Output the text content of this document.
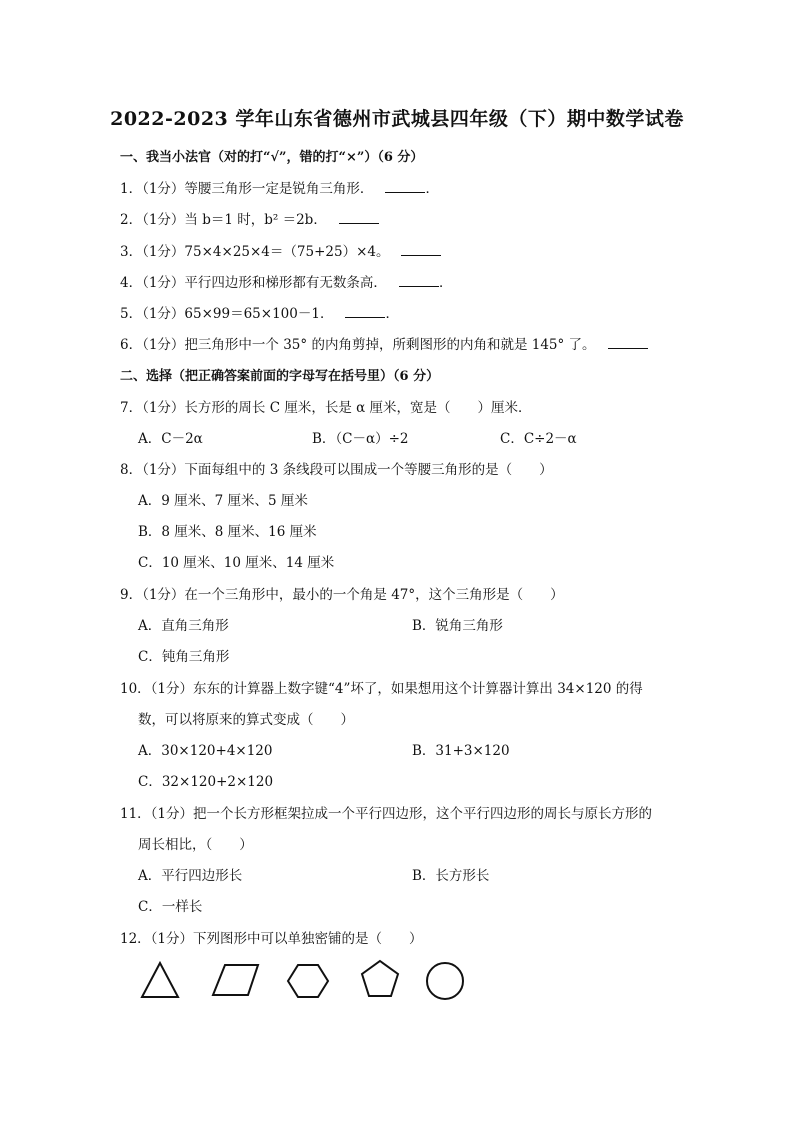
2022-2023 学年山东省德州市武城县四年级（下）期中数学试卷
一、我当小法官（对的打“√”，错的打“×”）（6 分）
1．（1分）等腰三角形一定是锐角三角形．	．
2．（1分）当 b＝1 时，b² ＝2b．
3．（1分）75×4×25×4＝（75+25）×4。
4．（1分）平行四边形和梯形都有无数条高．	．
5．（1分）65×99＝65×100－1．	．
6．（1分）把三角形中一个 35° 的内角剪掉，所剩图形的内角和就是 145° 了。
二、选择（把正确答案前面的字母写在括号里）（6 分）
7．（1分）长方形的周长 C 厘米，长是 α 厘米，宽是（　　）厘米．
A．C－2α	B．（C－α）÷2	C．C÷2－α
8．（1分）下面每组中的 3 条线段可以围成一个等腰三角形的是（　　）
A．9 厘米、7 厘米、5 厘米
B．8 厘米、8 厘米、16 厘米
C．10 厘米、10 厘米、14 厘米
9．（1分）在一个三角形中，最小的一个角是 47°，这个三角形是（　　）
A．直角三角形	B．锐角三角形
C．钝角三角形
10．（1分）东东的计算器上数字键“4”坏了，如果想用这个计算器计算出 34×120 的得
数，可以将原来的算式变成（　　）
A．30×120+4×120	B．31+3×120
C．32×120+2×120
11．（1分）把一个长方形框架拉成一个平行四边形，这个平行四边形的周长与原长方形的
周长相比，（　　）
A．平行四边形长	B．长方形长
C．一样长
12．（1分）下列图形中可以单独密铺的是（　　）
